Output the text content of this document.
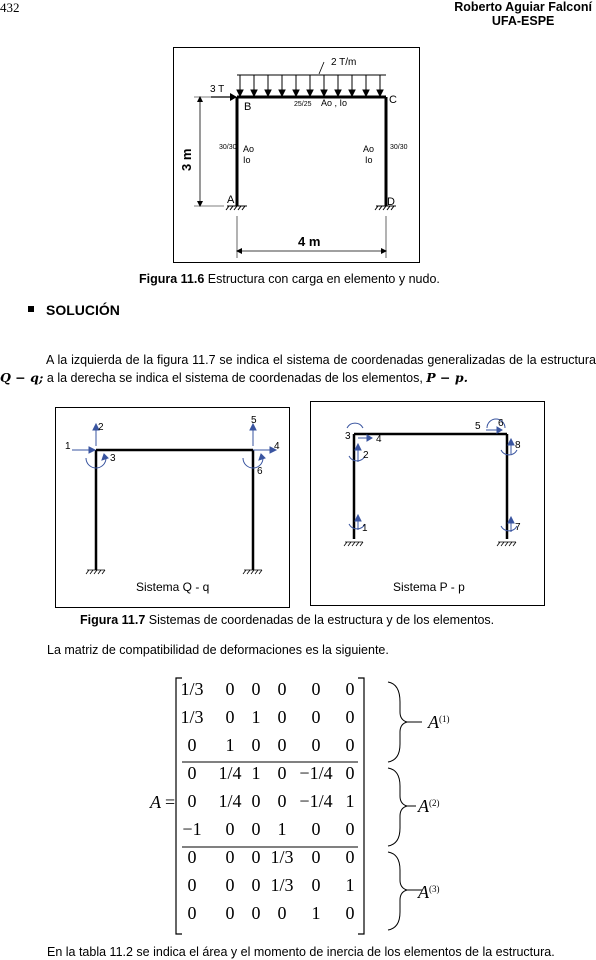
432	Roberto Aguiar Falconí
UFA-ESPE
2 T/m
3 T
B
C
A	D
25/25 Ao , Io
30/30 Ao
Io
Ao
Io
30/30
3 m
4 m
Figura 11.6 Estructura con carga en elemento y nudo.
SOLUCIÓN
A la izquierda de la figura 11.7 se indica el sistema de coordenadas generalizadas de la estructura Q − q; a la derecha se indica el sistema de coordenadas de los elementos, P − p.
1
2
3
4
5
6
Sistema Q - q
1
2
3	4
5 6
7
8
Sistema P - p
Figura 11.7 Sistemas de coordenadas de la estructura y de los elementos.
La matriz de compatibilidad de deformaciones es la siguiente.
A =
1/3 0 0 0 0 0
1/3 0 1 0 0 0
0 1 0 0 0 0
0 1/4 1 0 −1/4 0
0 1/4 0 0 −1/4 1
−1 0 0 1 0 0
0 0 0 1/3 0 0
0 0 0 1/3 0 1
0 0 0 0 1 0
$A^{(1)}$
$A^{(2)}$
$A^{(3)}$
En la tabla 11.2 se indica el área y el momento de inercia de los elementos de la estructura.
